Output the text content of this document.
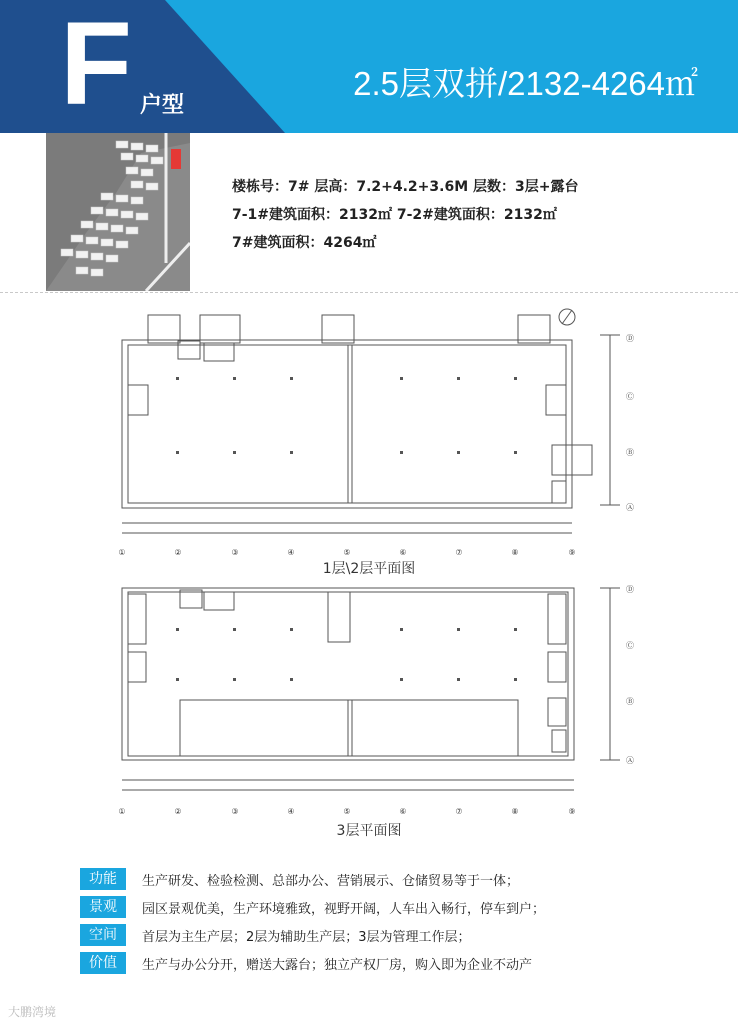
F 户型
2.5层双拼/2132-4264㎡
楼栋号：7# 层高：7.2+4.2+3.6M 层数：3层+露台
7-1#建筑面积：2132㎡ 7-2#建筑面积：2132㎡
7#建筑面积：4264㎡
①	②	③	④	⑤	⑥	⑦	⑧	⑨
Ⓓ
Ⓒ
Ⓑ
Ⓐ
1层\2层平面图
①	②	③	④	⑤	⑥	⑦	⑧	⑨
Ⓓ
Ⓒ
Ⓑ
Ⓐ
3层平面图
功能	生产研发、检验检测、总部办公、营销展示、仓储贸易等于一体；
景观	园区景观优美，生产环境雅致，视野开阔，人车出入畅行，停车到户；
空间	首层为主生产层；2层为辅助生产层；3层为管理工作层；
价值	生产与办公分开，赠送大露台；独立产权厂房，购入即为企业不动产
大鹏湾境
